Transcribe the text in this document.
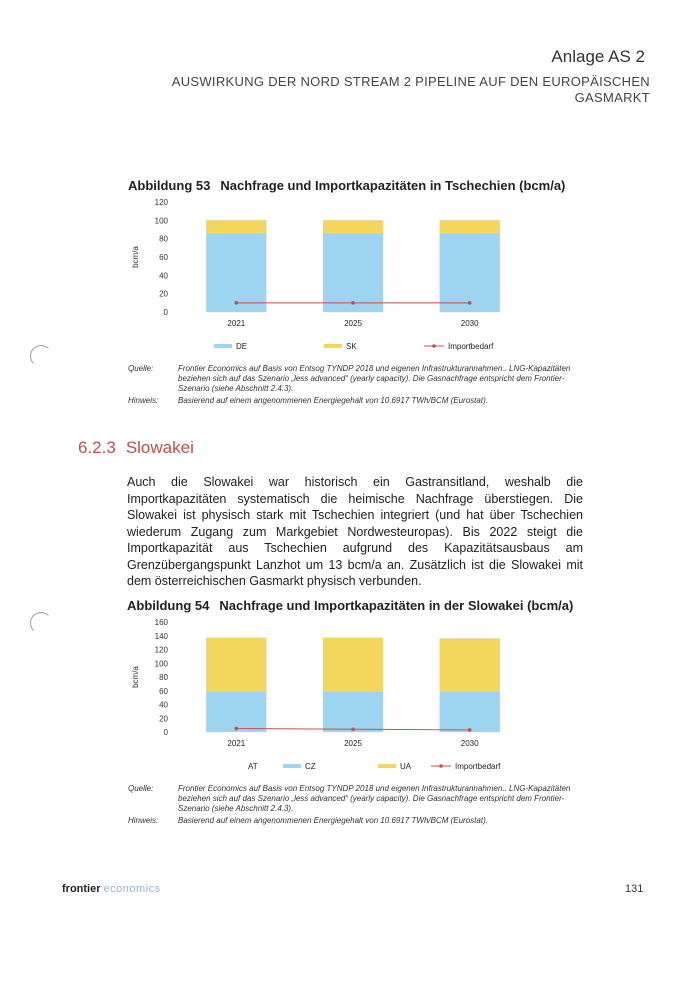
Anlage AS 2
AUSWIRKUNG DER NORD STREAM 2 PIPELINE AUF DEN EUROPÄISCHEN GASMARKT
Abbildung 53 Nachfrage und Importkapazitäten in Tschechien (bcm/a)
0
20
40
60
80
100
120
bcm/a
2021	2025	2030
DE	SK	Importbedarf
Quelle:	Frontier Economics auf Basis von Entsog TYNDP 2018 und eigenen Infrastrukturannahmen.. LNG-Kapazitäten beziehen sich auf das Szenario „less advanced“ (yearly capacity). Die Gasnachfrage entspricht dem Frontier-Szenario (siehe Abschnitt 2.4.3).
Hinweis:	Basierend auf einem angenommenen Energiegehalt von 10.6917 TWh/BCM (Eurostat).
6.2.3 Slowakei
Auch die Slowakei war historisch ein Gastransitland, weshalb die Importkapazitäten systematisch die heimische Nachfrage überstiegen. Die Slowakei ist physisch stark mit Tschechien integriert (und hat über Tschechien wiederum Zugang zum Markgebiet Nordwesteuropas). Bis 2022 steigt die Importkapazität aus Tschechien aufgrund des Kapazitätsausbaus am Grenzübergangspunkt Lanzhot um 13 bcm/a an. Zusätzlich ist die Slowakei mit dem österreichischen Gasmarkt physisch verbunden.
Abbildung 54 Nachfrage und Importkapazitäten in der Slowakei (bcm/a)
0
20
40
60
80
100
120
140
160
bcm/a
2021	2025	2030
AT	CZ	UA	Importbedarf
Quelle:	Frontier Economics auf Basis von Entsog TYNDP 2018 und eigenen Infrastrukturannahmen.. LNG-Kapazitäten beziehen sich auf das Szenario „less advanced“ (yearly capacity). Die Gasnachfrage entspricht dem Frontier-Szenario (siehe Abschnitt 2.4.3).
Hinweis:	Basierend auf einem angenommenen Energiegehalt von 10.6917 TWh/BCM (Eurostat).
frontier economics	131
